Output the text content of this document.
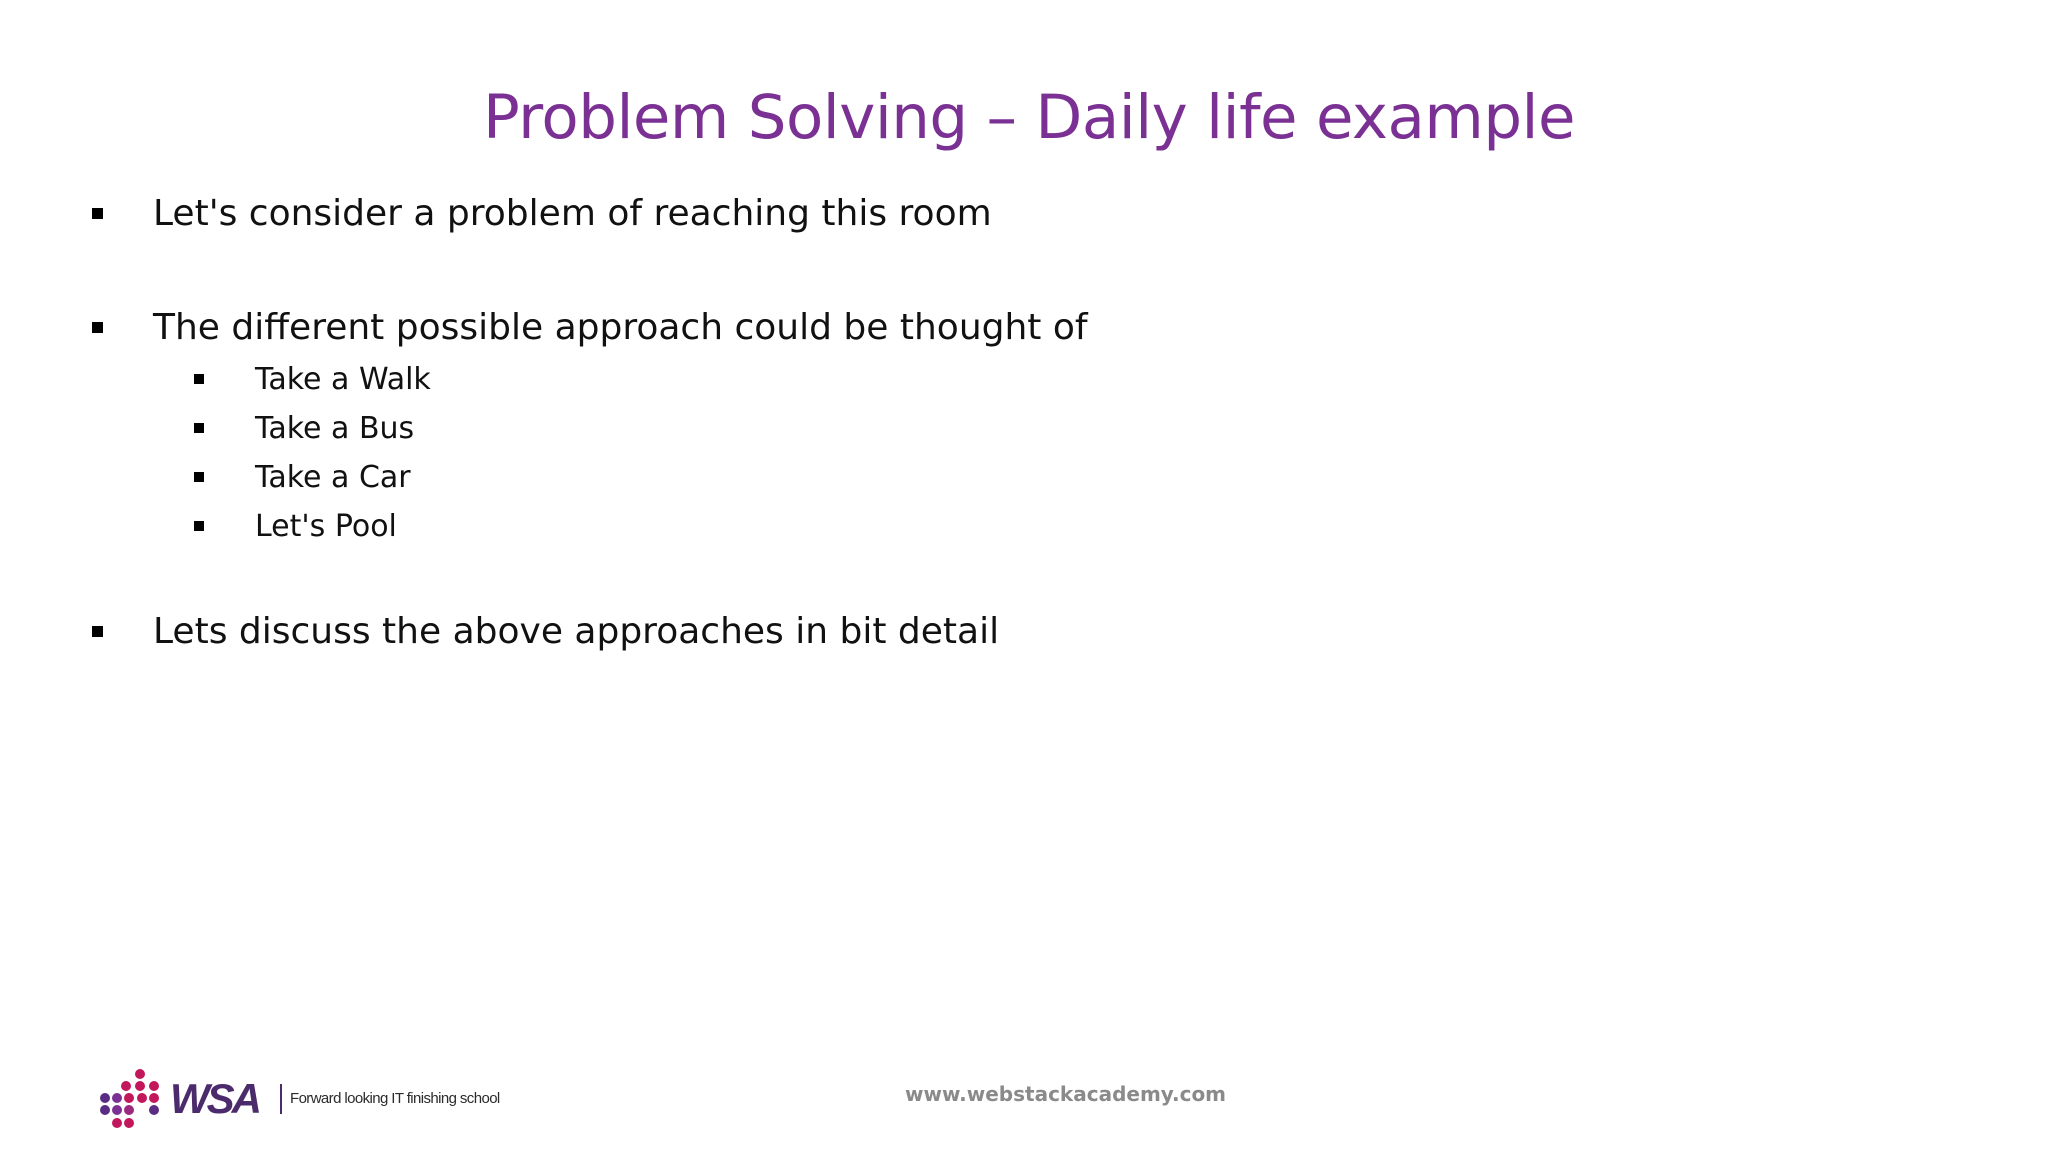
Problem Solving – Daily life example
Let's consider a problem of reaching this room
The different possible approach could be thought of
Take a Walk
Take a Bus
Take a Car
Let's Pool
Lets discuss the above approaches in bit detail
WSA Forward looking IT finishing school	www.webstackacademy.com
